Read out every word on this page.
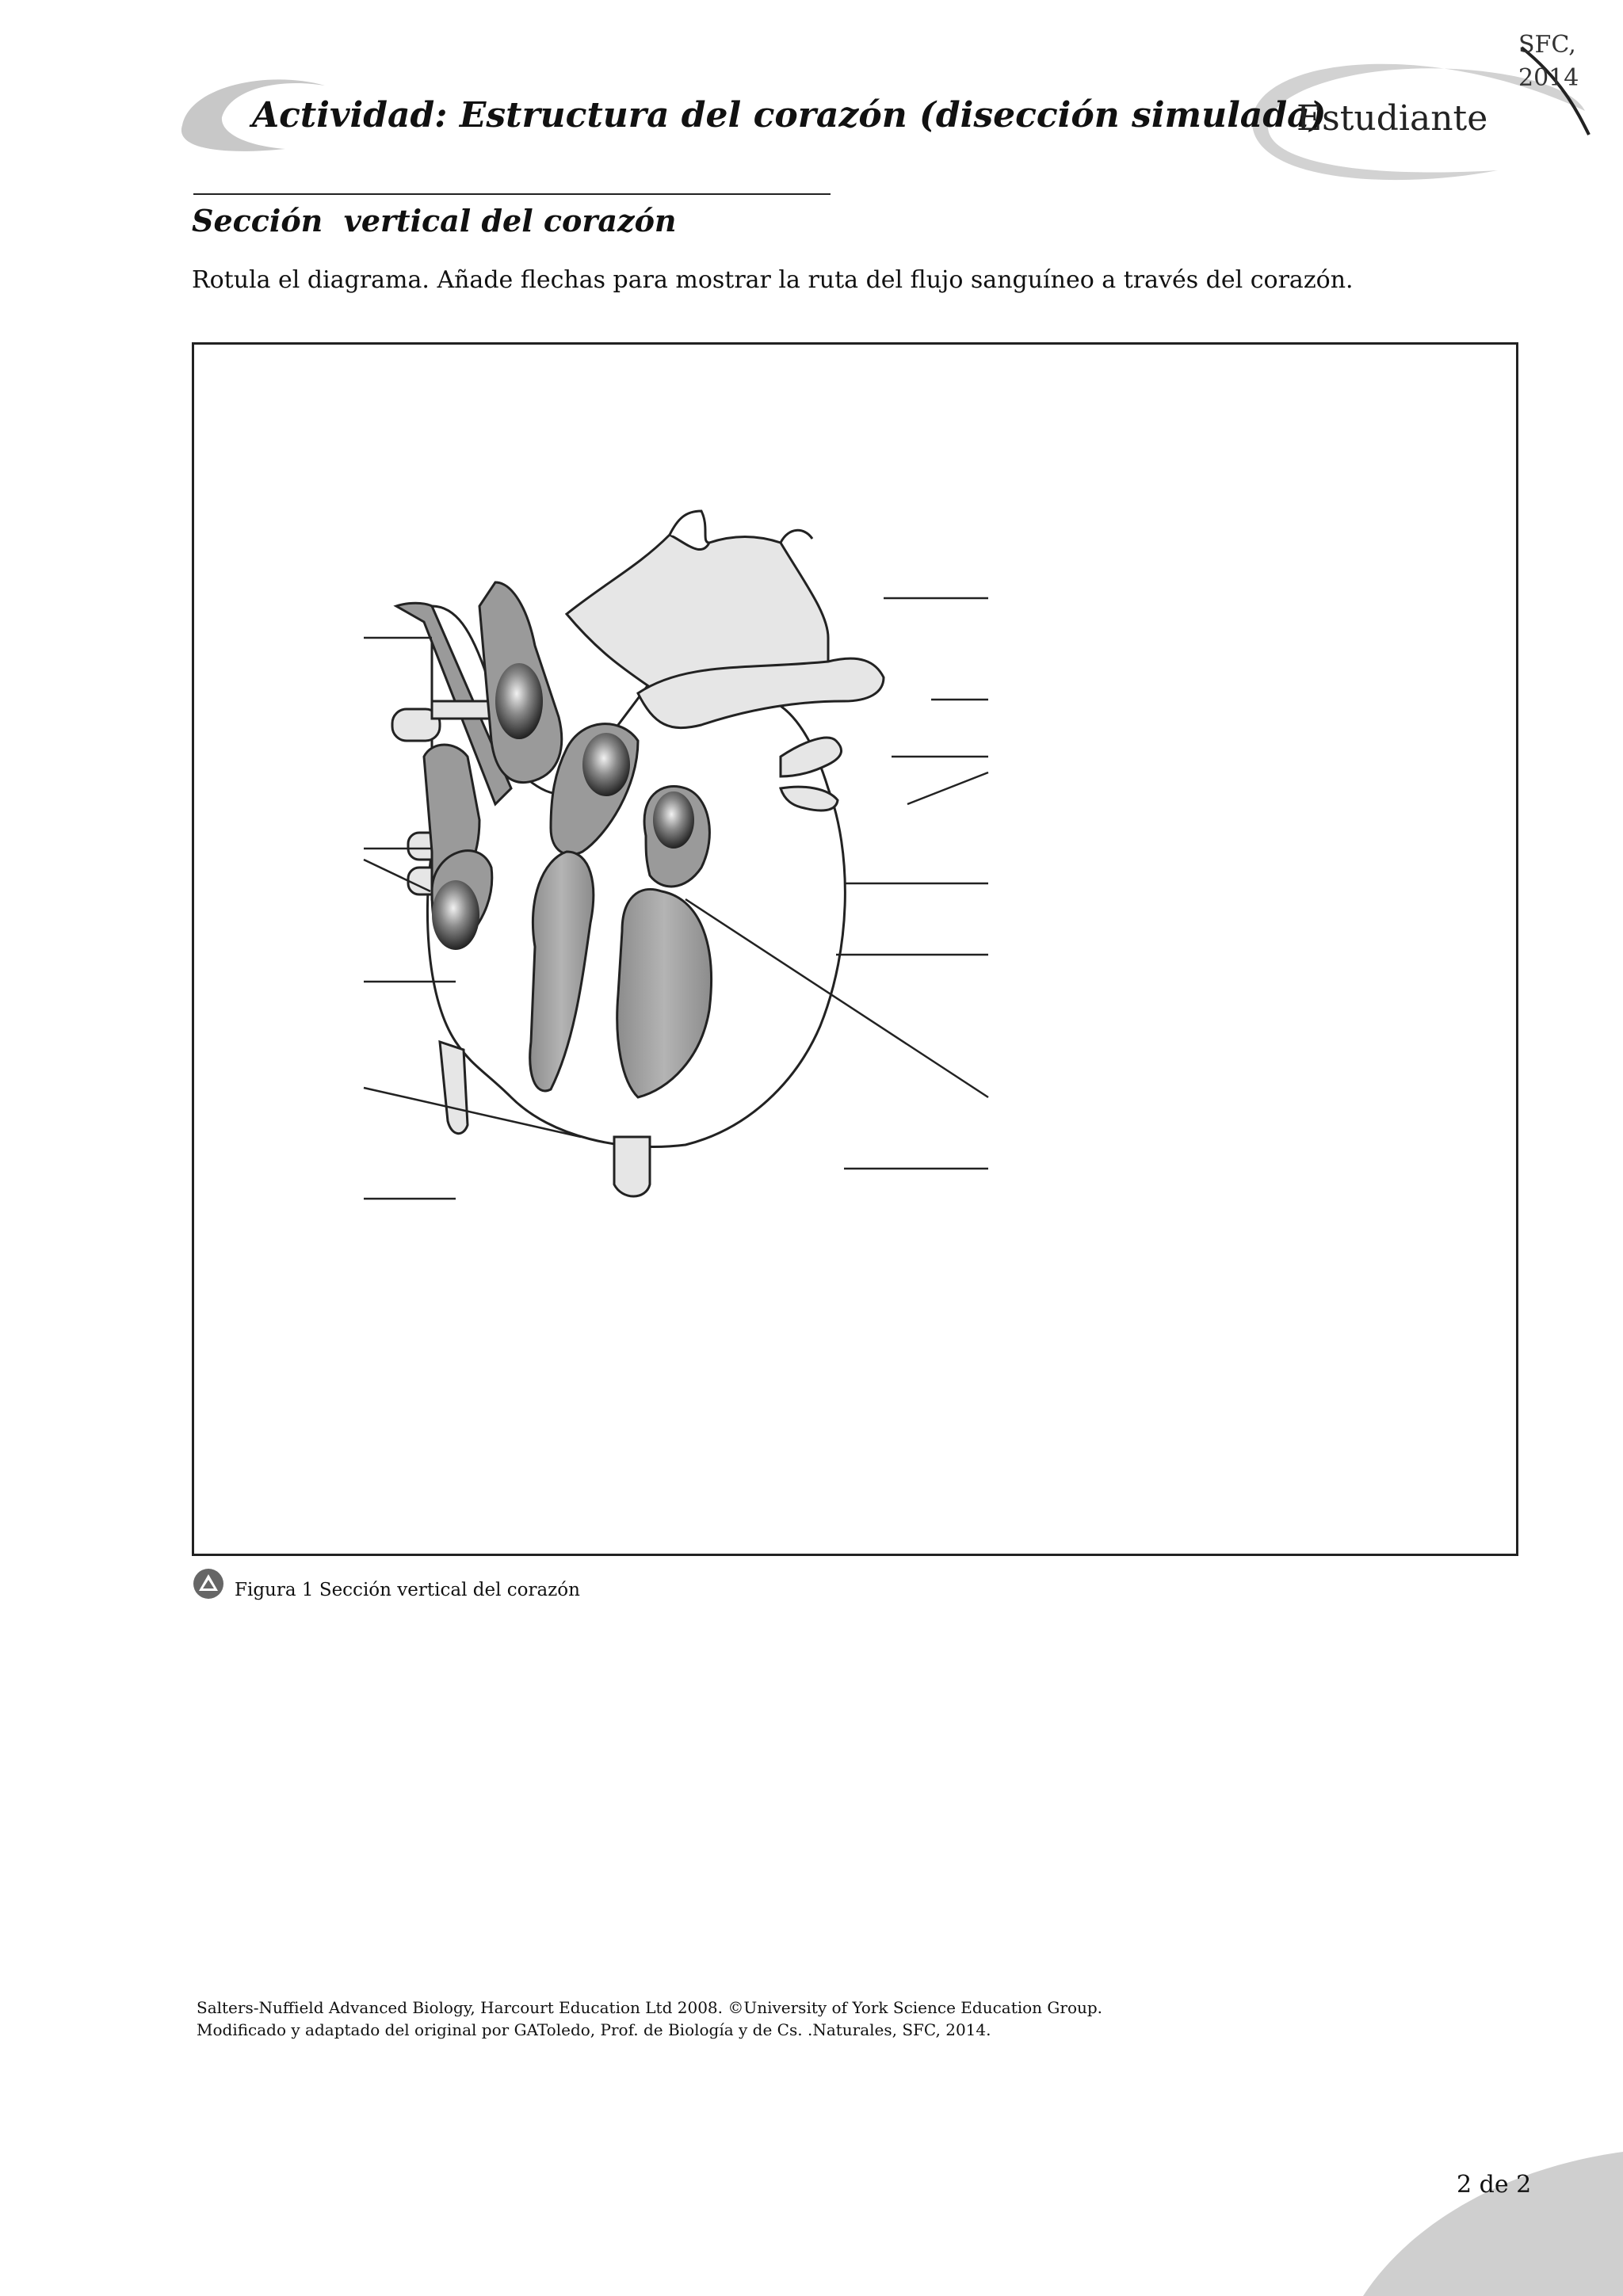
Actividad: Estructura del corazón (disección simulada)
Estudiante
SFC,
2014
Sección  vertical del corazón
Rotula el diagrama. Añade flechas para mostrar la ruta del flujo sanguíneo a través del corazón.
Figura 1 Sección vertical del corazón
Salters-Nuffield Advanced Biology, Harcourt Education Ltd 2008. ©University of York Science Education Group.
Modificado y adaptado del original por GAToledo, Prof. de Biología y de Cs. .Naturales, SFC, 2014.
2 de 2
